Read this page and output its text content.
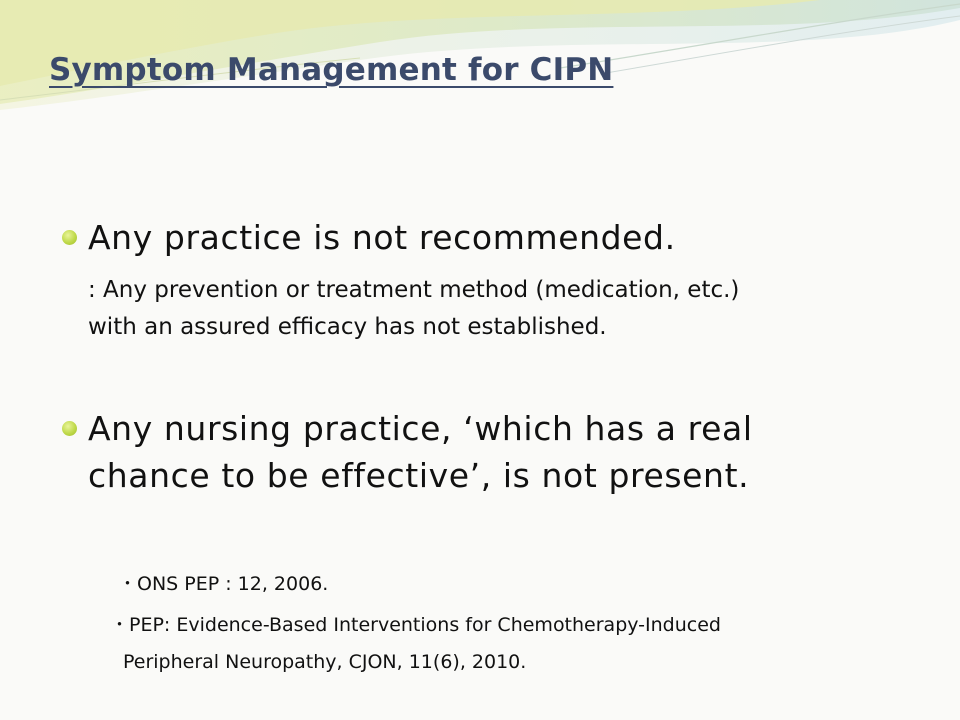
Symptom Management for CIPN
Any practice is not recommended.
: Any prevention or treatment method (medication, etc.)
with an assured efficacy has not established.
Any nursing practice, ‘which has a real
chance to be effective’, is not present.
・ONS PEP : 12, 2006.
・PEP: Evidence-Based Interventions for Chemotherapy-Induced
Peripheral Neuropathy, CJON, 11(6), 2010.
